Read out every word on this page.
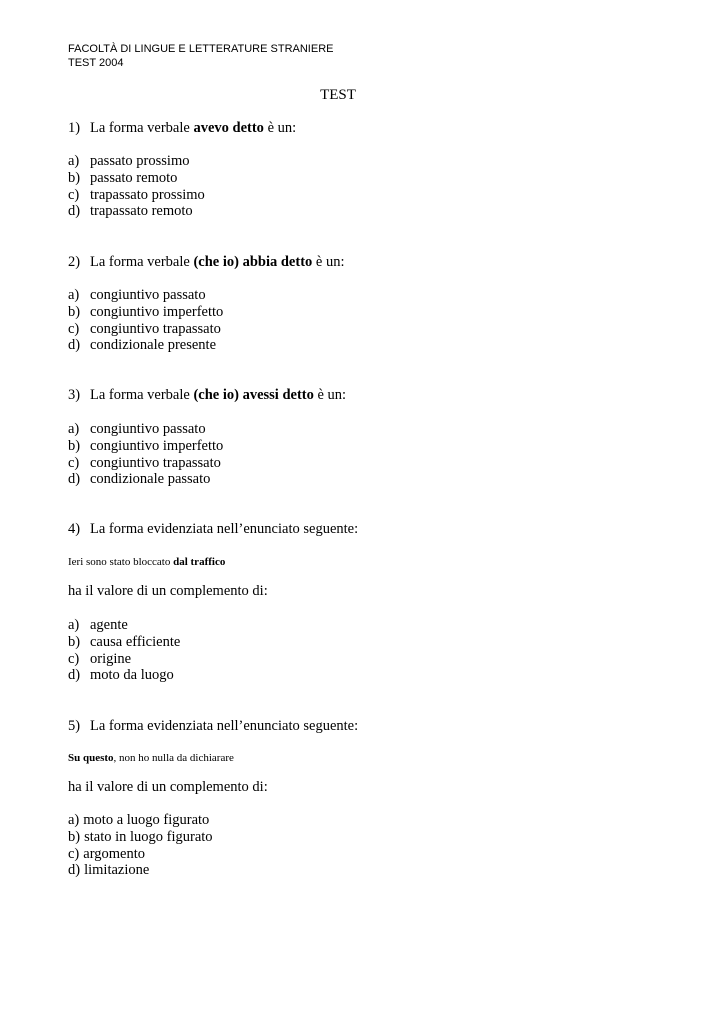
FACOLTÀ DI LINGUE E LETTERATURE STRANIERE
TEST 2004
TEST
1) La forma verbale avevo detto è un:
a) passato prossimo
b) passato remoto
c) trapassato prossimo
d) trapassato remoto
2) La forma verbale (che io) abbia detto è un:
a) congiuntivo passato
b) congiuntivo imperfetto
c) congiuntivo trapassato
d) condizionale presente
3) La forma verbale (che io) avessi detto è un:
a) congiuntivo passato
b) congiuntivo imperfetto
c) congiuntivo trapassato
d) condizionale passato
4) La forma evidenziata nell’enunciato seguente:
Ieri sono stato bloccato dal traffico
ha il valore di un complemento di:
a) agente
b) causa efficiente
c) origine
d) moto da luogo
5) La forma evidenziata nell’enunciato seguente:
Su questo, non ho nulla da dichiarare
ha il valore di un complemento di:
a) moto a luogo figurato
b) stato in luogo figurato
c) argomento
d) limitazione
